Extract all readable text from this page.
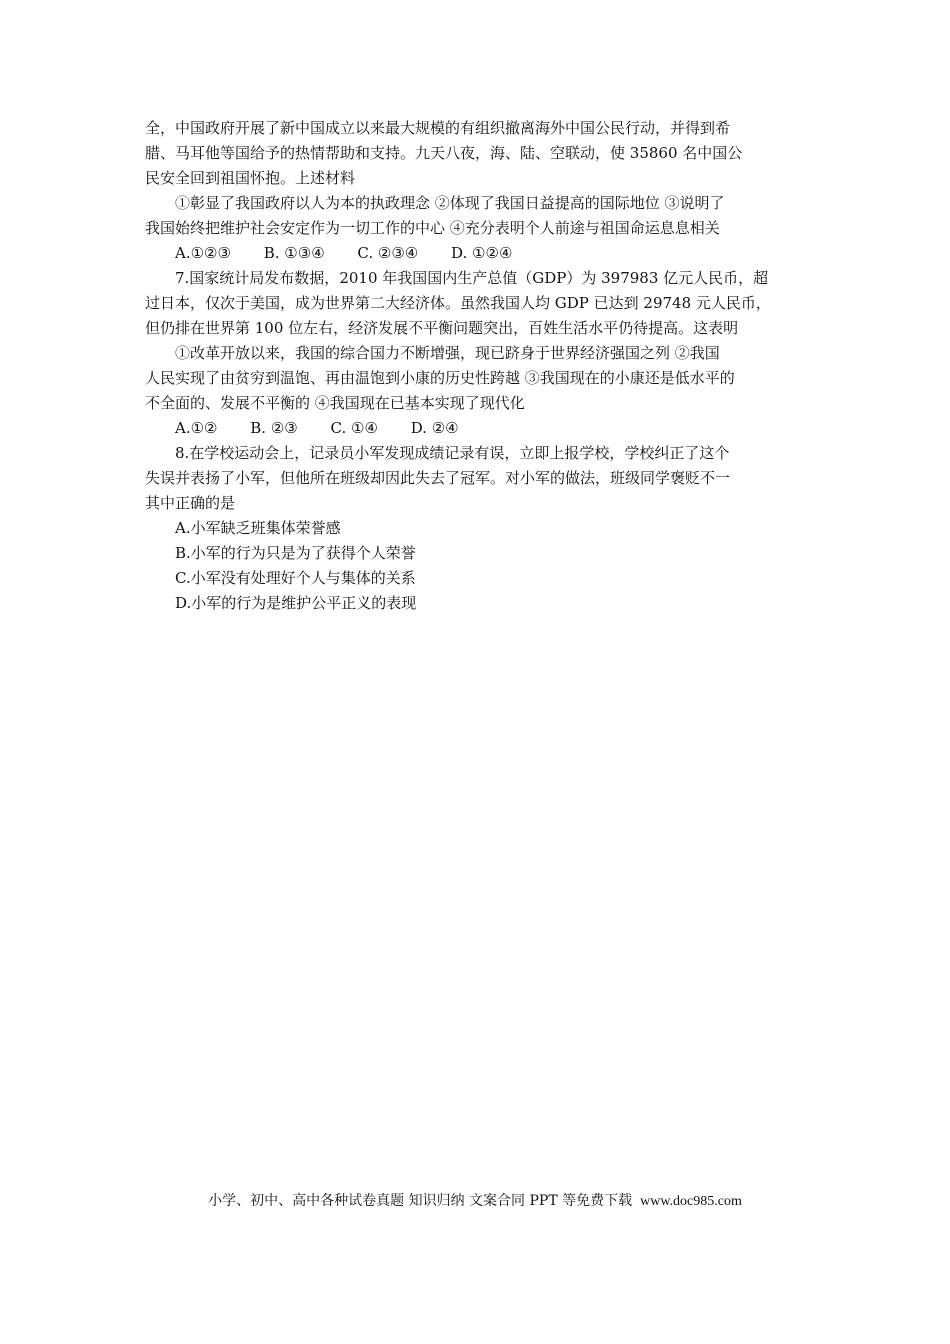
全，中国政府开展了新中国成立以来最大规模的有组织撤离海外中国公民行动，并得到希
腊、马耳他等国给予的热情帮助和支持。九天八夜，海、陆、空联动，使 35860 名中国公
民安全回到祖国怀抱。上述材料
①彰显了我国政府以人为本的执政理念 ②体现了我国日益提高的国际地位 ③说明了
我国始终把维护社会安定作为一切工作的中心 ④充分表明个人前途与祖国命运息息相关
A.①②③ B. ①③④ C. ②③④ D. ①②④
7.国家统计局发布数据，2010 年我国国内生产总值（GDP）为 397983 亿元人民币，超
过日本，仅次于美国，成为世界第二大经济体。虽然我国人均 GDP 已达到 29748 元人民币，
但仍排在世界第 100 位左右，经济发展不平衡问题突出，百姓生活水平仍待提高。这表明
①改革开放以来，我国的综合国力不断增强，现已跻身于世界经济强国之列 ②我国
人民实现了由贫穷到温饱、再由温饱到小康的历史性跨越 ③我国现在的小康还是低水平的
不全面的、发展不平衡的 ④我国现在已基本实现了现代化
A.①② B. ②③ C. ①④ D. ②④
8.在学校运动会上，记录员小军发现成绩记录有误，立即上报学校，学校纠正了这个
失误并表扬了小军，但他所在班级却因此失去了冠军。对小军的做法，班级同学褒贬不一
其中正确的是
A.小军缺乏班集体荣誉感
B.小军的行为只是为了获得个人荣誉
C.小军没有处理好个人与集体的关系
D.小军的行为是维护公平正义的表现
小学、初中、高中各种试卷真题 知识归纳 文案合同 PPT 等免费下载 www.doc985.com
